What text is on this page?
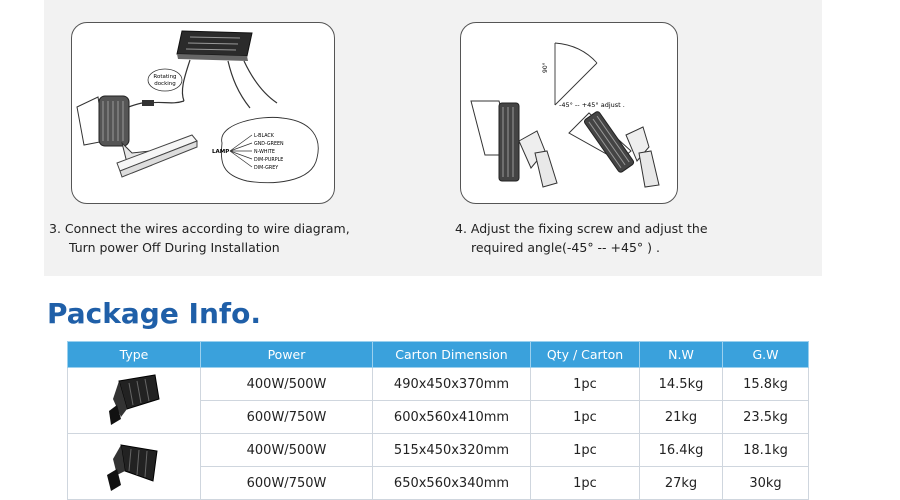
Rotating
docking
LAMP
L-BLACK
GND-GREEN
N-WHITE
DIM-PURPLE
DIM-GREY
3. Connect the wires according to wire diagram,
Turn power Off During Installation
90°
-45° -- +45° adjust .
4. Adjust the fixing screw and adjust the
required angle(-45° -- +45° ) .
Package Info.
Type	Power	Carton Dimension	Qty / Carton	N.W	G.W
	400W/500W	490x450x370mm	1pc	14.5kg	15.8kg
	600W/750W	600x560x410mm	1pc	21kg	23.5kg
	400W/500W	515x450x320mm	1pc	16.4kg	18.1kg
	600W/750W	650x560x340mm	1pc	27kg	30kg
